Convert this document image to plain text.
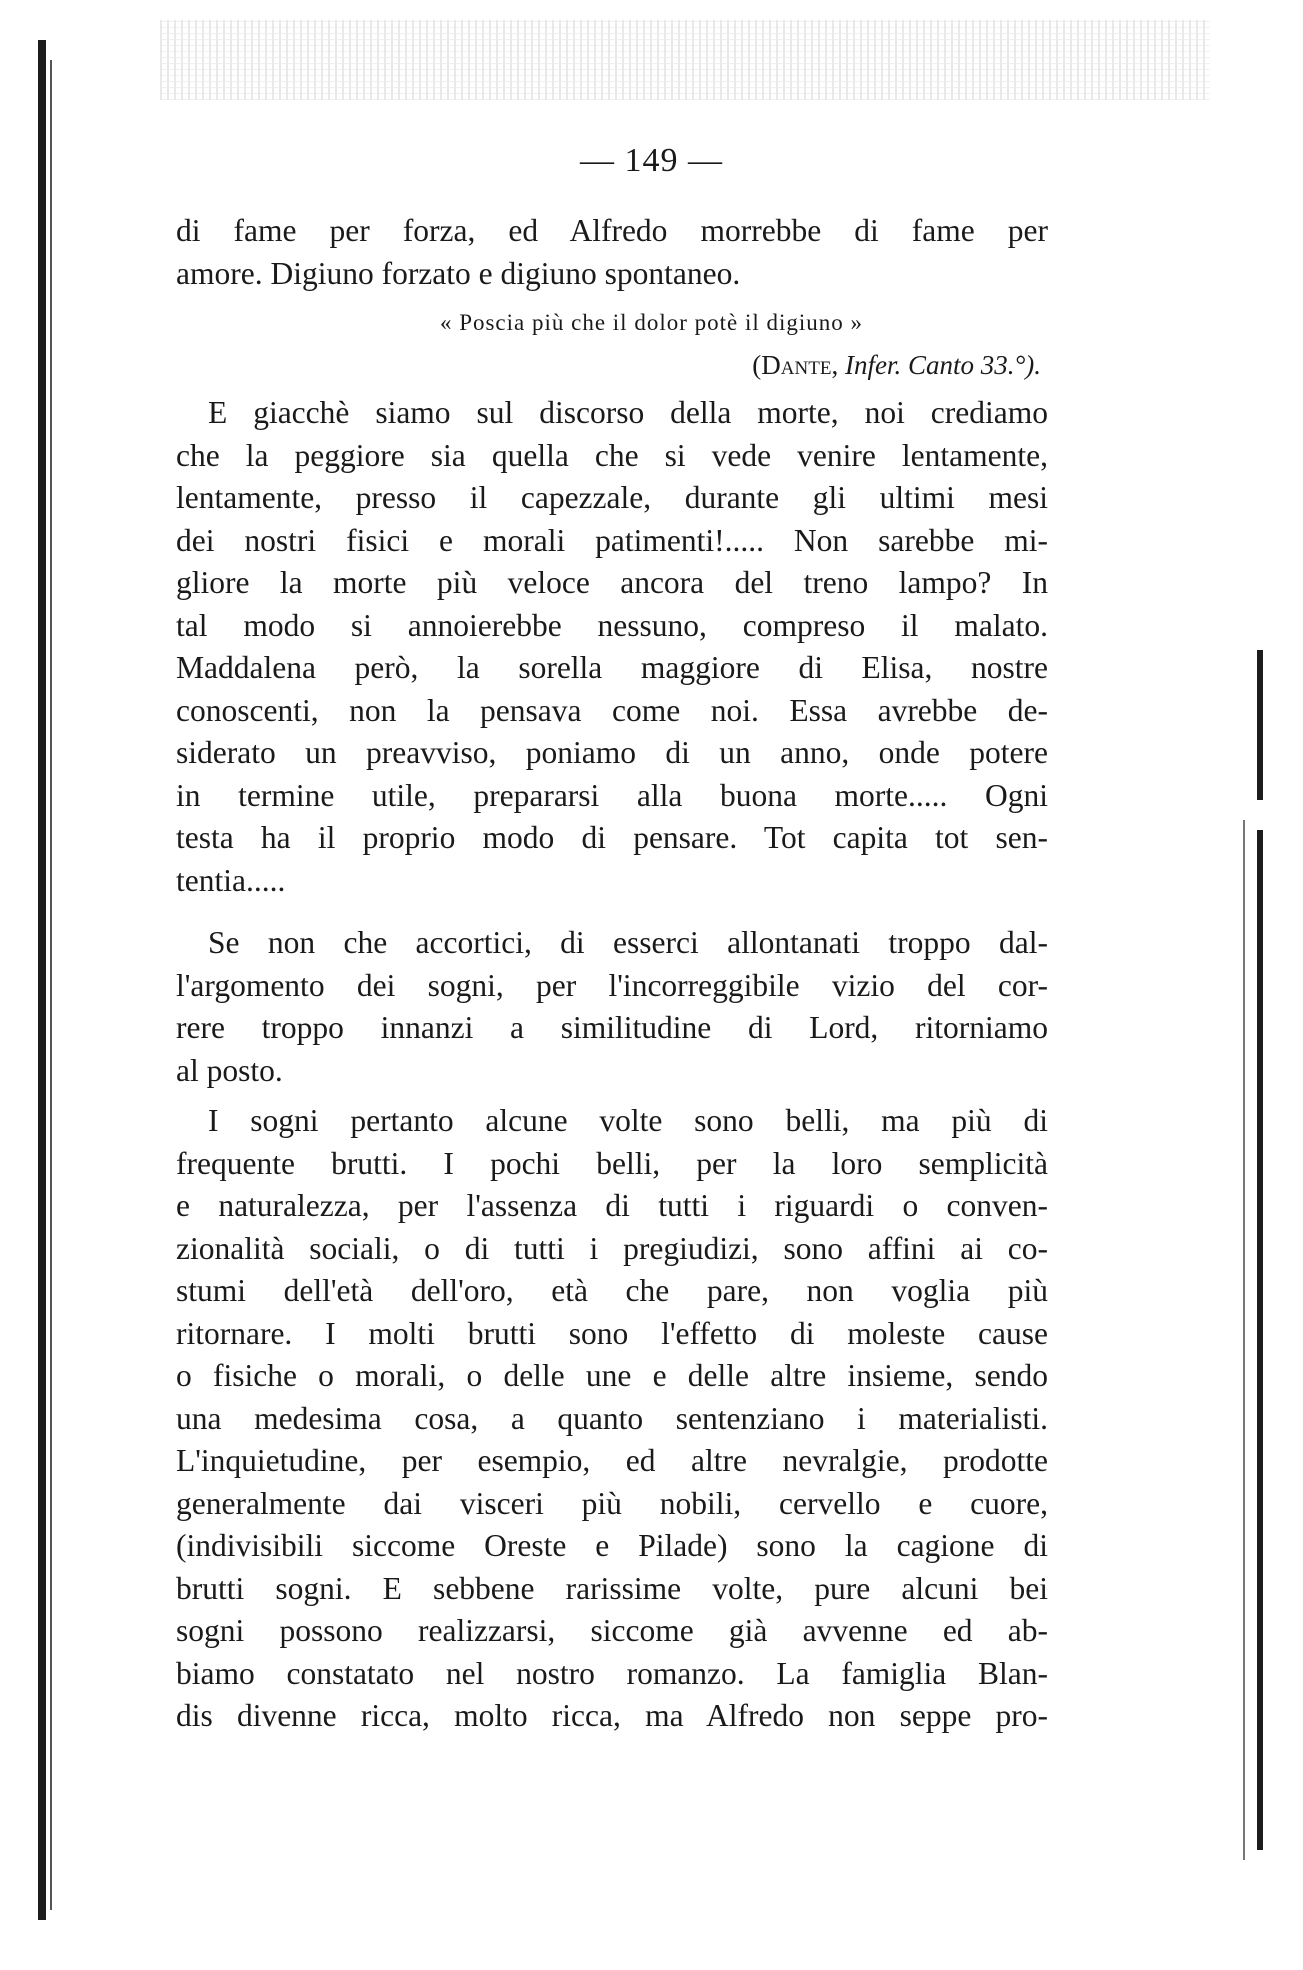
— 149 —
di fame per forza, ed Alfredo morrebbe di fame per
amore. Digiuno forzato e digiuno spontaneo.
« Poscia più che il dolor potè il digiuno »
(Dante, Infer. Canto 33.°).
E giacchè siamo sul discorso della morte, noi crediamo
che la peggiore sia quella che si vede venire lentamente,
lentamente, presso il capezzale, durante gli ultimi mesi
dei nostri fisici e morali patimenti!..... Non sarebbe mi-
gliore la morte più veloce ancora del treno lampo? In
tal modo si annoierebbe nessuno, compreso il malato.
Maddalena però, la sorella maggiore di Elisa, nostre
conoscenti, non la pensava come noi. Essa avrebbe de-
siderato un preavviso, poniamo di un anno, onde potere
in termine utile, prepararsi alla buona morte..... Ogni
testa ha il proprio modo di pensare. Tot capita tot sen-
tentia.....
Se non che accortici, di esserci allontanati troppo dal-
l'argomento dei sogni, per l'incorreggibile vizio del cor-
rere troppo innanzi a similitudine di Lord, ritorniamo
al posto.
I sogni pertanto alcune volte sono belli, ma più di
frequente brutti. I pochi belli, per la loro semplicità
e naturalezza, per l'assenza di tutti i riguardi o conven-
zionalità sociali, o di tutti i pregiudizi, sono affini ai co-
stumi dell'età dell'oro, età che pare, non voglia più
ritornare. I molti brutti sono l'effetto di moleste cause
o fisiche o morali, o delle une e delle altre insieme, sendo
una medesima cosa, a quanto sentenziano i materialisti.
L'inquietudine, per esempio, ed altre nevralgie, prodotte
generalmente dai visceri più nobili, cervello e cuore,
(indivisibili siccome Oreste e Pilade) sono la cagione di
brutti sogni. E sebbene rarissime volte, pure alcuni bei
sogni possono realizzarsi, siccome già avvenne ed ab-
biamo constatato nel nostro romanzo. La famiglia Blan-
dis divenne ricca, molto ricca, ma Alfredo non seppe pro-
